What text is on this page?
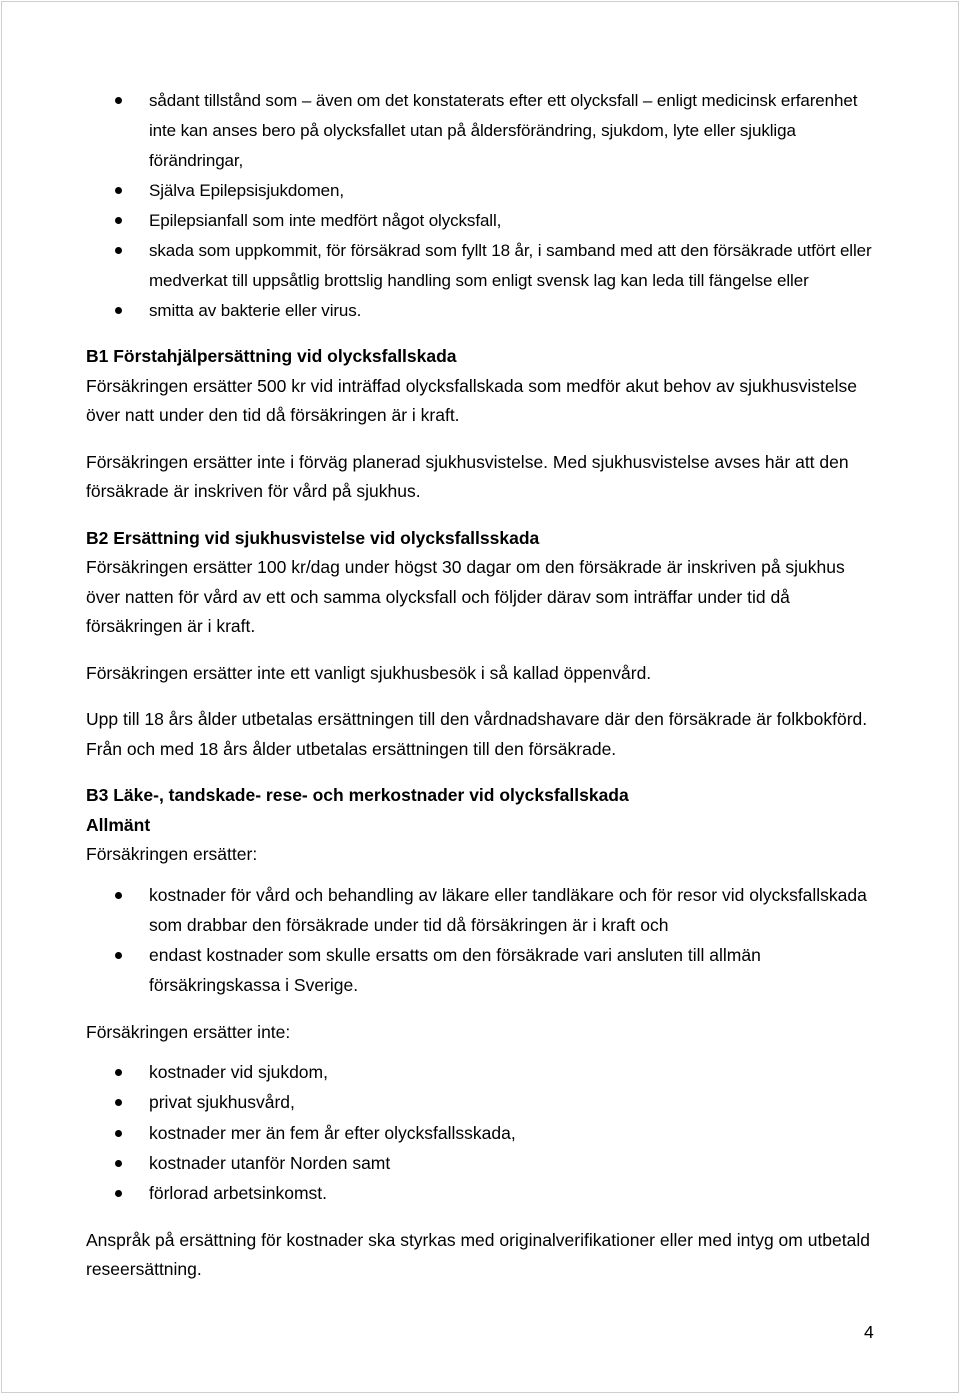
sådant tillstånd som – även om det konstaterats efter ett olycksfall – enligt medicinsk erfarenhet inte kan anses bero på olycksfallet utan på åldersförändring, sjukdom, lyte eller sjukliga förändringar,
Själva Epilepsisjukdomen,
Epilepsianfall som inte medfört något olycksfall,
skada som uppkommit, för försäkrad som fyllt 18 år, i samband med att den försäkrade utfört eller medverkat till uppsåtlig brottslig handling som enligt svensk lag kan leda till fängelse eller
smitta av bakterie eller virus.
B1 Förstahjälpersättning vid olycksfallskada

Försäkringen ersätter 500 kr vid inträffad olycksfallskada som medför akut behov av sjukhusvistelse över natt under den tid då försäkringen är i kraft.

Försäkringen ersätter inte i förväg planerad sjukhusvistelse. Med sjukhusvistelse avses här att den försäkrade är inskriven för vård på sjukhus.

B2 Ersättning vid sjukhusvistelse vid olycksfallsskada

Försäkringen ersätter 100 kr/dag under högst 30 dagar om den försäkrade är inskriven på sjukhus över natten för vård av ett och samma olycksfall och följder därav som inträffar under tid då försäkringen är i kraft.

Försäkringen ersätter inte ett vanligt sjukhusbesök i så kallad öppenvård.

Upp till 18 års ålder utbetalas ersättningen till den vårdnadshavare där den försäkrade är folkbokförd. Från och med 18 års ålder utbetalas ersättningen till den försäkrade.

B3 Läke-, tandskade- rese- och merkostnader vid olycksfallskada
Allmänt

Försäkringen ersätter:

kostnader för vård och behandling av läkare eller tandläkare och för resor vid olycksfallskada som drabbar den försäkrade under tid då försäkringen är i kraft och
endast kostnader som skulle ersatts om den försäkrade vari ansluten till allmän försäkringskassa i Sverige.

Försäkringen ersätter inte:

kostnader vid sjukdom,
privat sjukhusvård,
kostnader mer än fem år efter olycksfallsskada,
kostnader utanför Norden samt
förlorad arbetsinkomst.

Anspråk på ersättning för kostnader ska styrkas med originalverifikationer eller med intyg om utbetald reseersättning.

4
